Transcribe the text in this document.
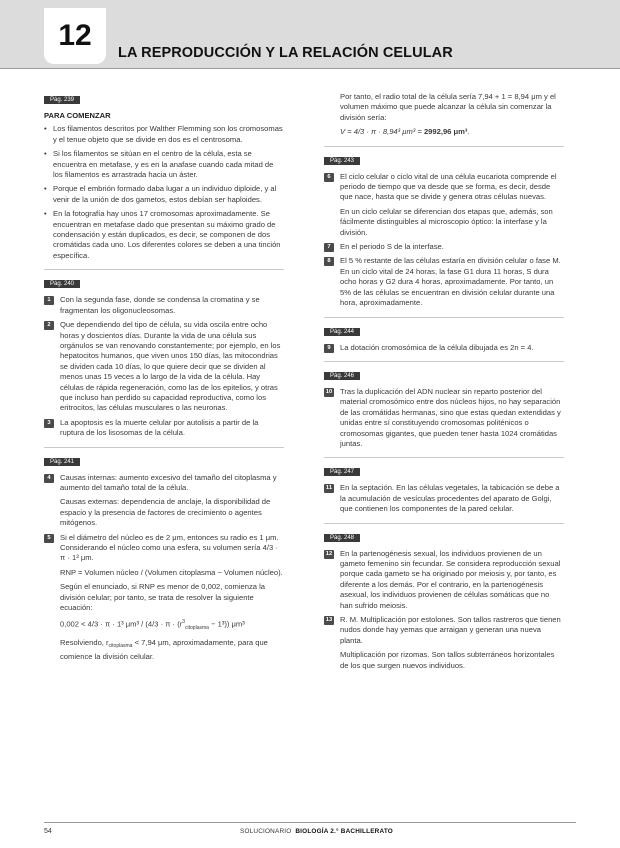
12
LA REPRODUCCIÓN Y LA RELACIÓN CELULAR
Pág. 239
PARA COMENZAR
• Los filamentos descritos por Walther Flemming son los cromosomas y el tenue objeto que se divide en dos es el centrosoma.
• Si los filamentos se sitúan en el centro de la célula, esta se encuentra en metafase, y es en la anafase cuando cada mitad de los filamentos es arrastrada hacia un áster.
• Porque el embrión formado daba lugar a un individuo diploide, y al venir de la unión de dos gametos, estos debían ser haploides.
• En la fotografía hay unos 17 cromosomas aproximadamente. Se encuentran en metafase dado que presentan su máximo grado de condensación y están duplicados, es decir, se componen de dos cromátidas cada uno. Los diferentes colores se deben a una tinción específica.
Pág. 240
1	Con la segunda fase, donde se condensa la cromatina y se fragmentan los oligonucleosomas.
2	Que dependiendo del tipo de célula, su vida oscila entre ocho horas y doscientos días. Durante la vida de una célula sus orgánulos se van renovando constantemente; por ejemplo, en los hepatocitos humanos, que viven unos 150 días, las mitocondrias se dividen cada 10 días, lo que quiere decir que se dividen al menos unas 15 veces a lo largo de la vida de la célula. Hay células de rápida regeneración, como las de los epitelios, y otras que incluso han perdido su capacidad reproductiva, como los eritrocitos, las células musculares o las neuronas.
3	La apoptosis es la muerte celular por autolisis a partir de la ruptura de los lisosomas de la célula.
Pág. 241
4	Causas internas: aumento excesivo del tamaño del citoplasma y aumento del tamaño total de la célula.
Causas externas: dependencia de anclaje, la disponibilidad de espacio y la presencia de factores de crecimiento o agentes mitógenos.
5	Si el diámetro del núcleo es de 2 μm, entonces su radio es 1 μm. Considerando el núcleo como una esfera, su volumen sería 4/3 · π · 1³ μm.
RNP = Volumen núcleo / (Volumen citoplasma − Volumen núcleo).
Según el enunciado, si RNP es menor de 0,002, comienza la división celular; por tanto, se trata de resolver la siguiente ecuación:
0,002 < 4/3 · π · 1³ $\mu m^3 / (4/3 \cdot \pi \cdot (r^3_{citoplasma} - 1^3))$ μm³
Resolviendo, $r_{citoplasma} < 7,94$ μm, aproximadamente, para que comience la división celular.
Por tanto, el radio total de la célula sería 7,94 + 1 = 8,94 μm y el volumen máximo que puede alcanzar la célula sin comenzar la división sería:
V = 4/3 · π · 8,94³ μm³ = 2992,96 μm³.
Pág. 243
6	El ciclo celular o ciclo vital de una célula eucariota comprende el periodo de tiempo que va desde que se forma, es decir, desde que nace, hasta que se divide y genera otras células nuevas.
En un ciclo celular se diferencian dos etapas que, además, son fácilmente distinguibles al microscopio óptico: la interfase y la división.
7	En el periodo S de la interfase.
8	El 5 % restante de las células estaría en división celular o fase M. En un ciclo vital de 24 horas, la fase G1 dura 11 horas, S dura ocho horas y G2 dura 4 horas, aproximadamente. Por tanto, un 5% de las células se encuentran en división celular durante una hora, aproximadamente.
Pág. 244
9	La dotación cromosómica de la célula dibujada es 2n = 4.
Pág. 246
10 Tras la duplicación del ADN nuclear sin reparto posterior del material cromosómico entre dos núcleos hijos, no hay separación de las cromátidas hermanas, sino que estas quedan extendidas y unidas entre sí constituyendo cromosomas politénicos o cromosomas gigantes, que pueden tener hasta 1024 cromátidas juntas.
Pág. 247
11 En la septación. En las células vegetales, la tabicación se debe a la acumulación de vesículas procedentes del aparato de Golgi, que contienen los componentes de la pared celular.
Pág. 248
12 En la partenogénesis sexual, los individuos provienen de un gameto femenino sin fecundar. Se considera reproducción sexual porque cada gameto se ha originado por meiosis y, por tanto, es diferente a los demás. Por el contrario, en la partenogénesis asexual, los individuos provienen de células somáticas que no han sufrido meiosis.
13 R. M. Multiplicación por estolones. Son tallos rastreros que tienen nudos donde hay yemas que arraigan y generan una nueva planta.
Multiplicación por rizomas. Son tallos subterráneos horizontales de los que surgen nuevos individuos.
54	SOLUCIONARIO BIOLOGÍA 2.° BACHILLERATO
